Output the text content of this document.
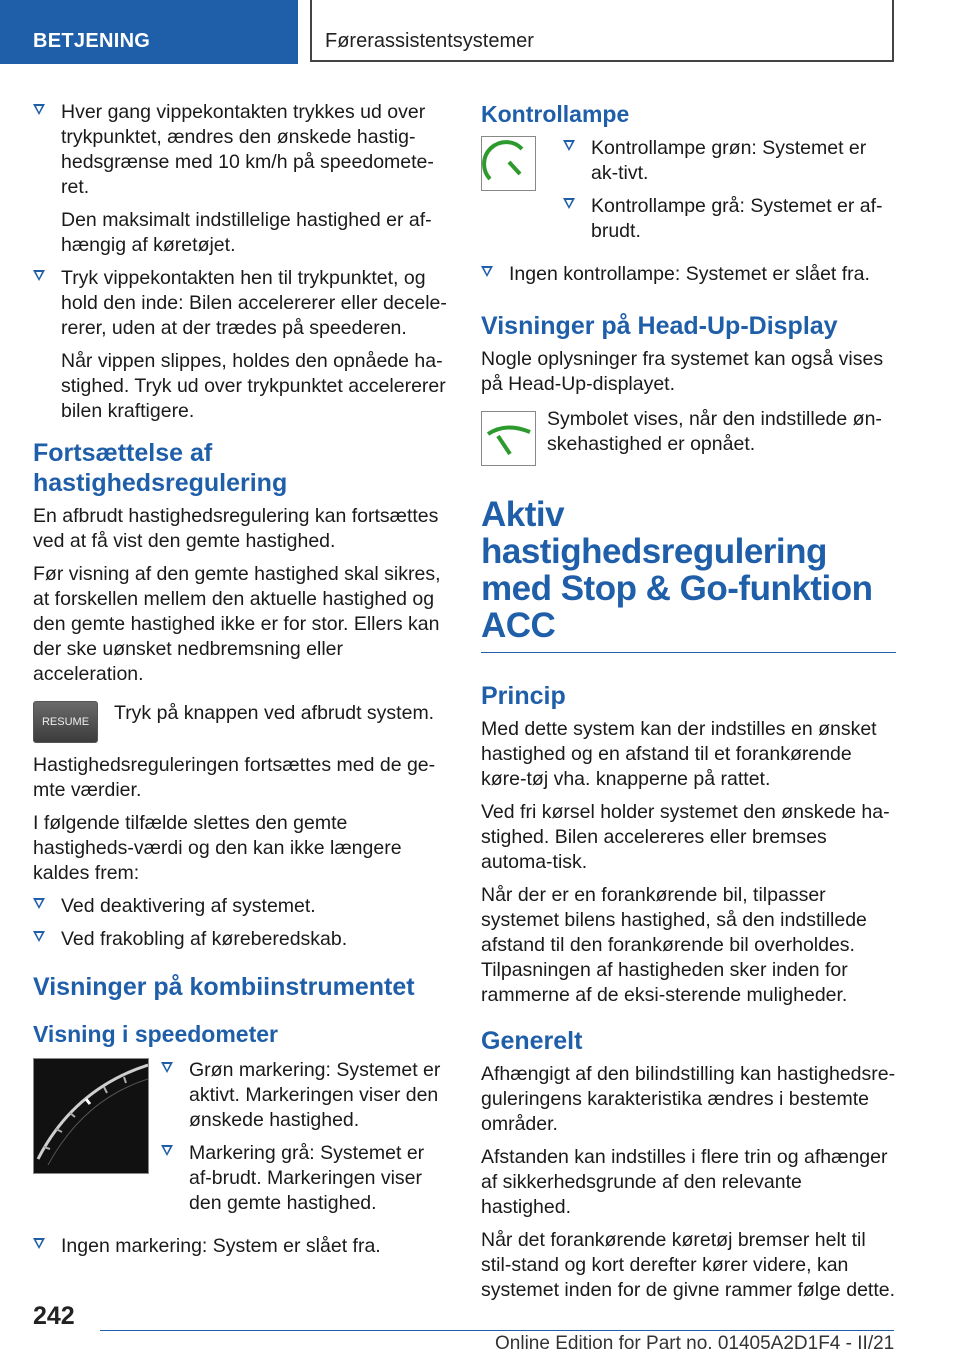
BETJENING	Førerassistentsystemer
Hver gang vippekontakten trykkes ud over trykpunktet, ændres den ønskede hastig-hedsgrænse med 10 km/h på speedomete-ret.
Den maksimalt indstillelige hastighed er af-hængig af køretøjet.
Tryk vippekontakten hen til trykpunktet, og hold den inde: Bilen accelererer eller decele-rerer, uden at der trædes på speederen.
Når vippen slippes, holdes den opnåede ha-stighed. Tryk ud over trykpunktet accelererer bilen kraftigere.
Fortsættelse af hastighedsregulering

En afbrudt hastighedsregulering kan fortsættes ved at få vist den gemte hastighed.

Før visning af den gemte hastighed skal sikres, at forskellen mellem den aktuelle hastighed og den gemte hastighed ikke er for stor. Ellers kan der ske uønsket nedbremsning eller acceleration.

RESUME Tryk på knappen ved afbrudt system.

Hastighedsreguleringen fortsættes med de ge-mte værdier.

I følgende tilfælde slettes den gemte hastigheds-værdi og den kan ikke længere kaldes frem:

Ved deaktivering af systemet.
Ved frakobling af køreberedskab.
Visninger på kombiinstrumentet
Visning i speedometer
Grøn markering: Systemet er aktivt. Markeringen viser den ønskede hastighed.
Markering grå: Systemet er af-brudt. Markeringen viser den gemte hastighed.
Ingen markering: System er slået fra.
Kontrollampe
Kontrollampe grøn: Systemet er ak-tivt.
Kontrollampe grå: Systemet er af-brudt.
Ingen kontrollampe: Systemet er slået fra.
Visninger på Head-Up-Display

Nogle oplysninger fra systemet kan også vises på Head-Up-displayet.

Symbolet vises, når den indstillede øn-skehastighed er opnået.
Aktiv hastighedsregulering med Stop & Go-funktion ACC
Princip

Med dette system kan der indstilles en ønsket hastighed og en afstand til et forankørende køre-tøj vha. knapperne på rattet.

Ved fri kørsel holder systemet den ønskede ha-stighed. Bilen accelereres eller bremses automa-tisk.

Når der er en forankørende bil, tilpasser systemet bilens hastighed, så den indstillede afstand til den forankørende bil overholdes. Tilpasningen af hastigheden sker inden for rammerne af de eksi-sterende muligheder.

Generelt

Afhængigt af den bilindstilling kan hastighedsre-guleringens karakteristika ændres i bestemte områder.

Afstanden kan indstilles i flere trin og afhænger af sikkerhedsgrunde af den relevante hastighed.

Når det forankørende køretøj bremser helt til stil-stand og kort derefter kører videre, kan systemet inden for de givne rammer følge dette.

242
Online Edition for Part no. 01405A2D1F4 - II/21
